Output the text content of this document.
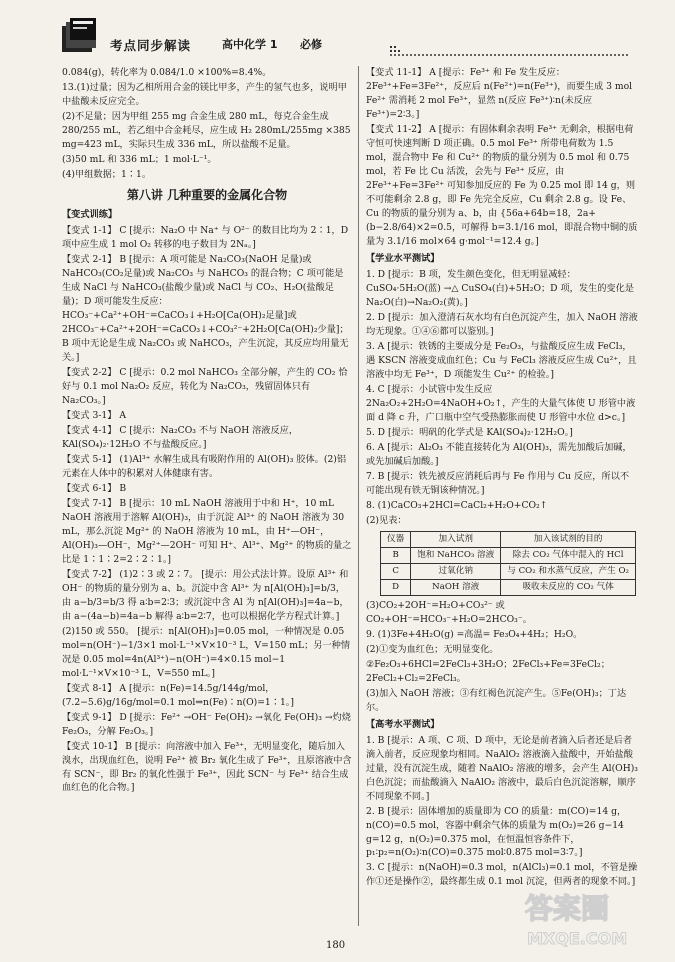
考点同步解读	高中化学 1 必修

0.084(g)，转化率为 0.084/1.0 ×100%=8.4%。

13.(1)过量；因为乙相所用合金的镁比甲多，产生的氢气也多，说明甲中盐酸未反应完全。

(2)不足量；因为甲组 255 mg 合金生成 280 mL，每克合金生成 280/255 mL，若乙组中合金耗尽，应生成 H₂ 280mL/255mg ×385 mg=423 mL，实际只生成 336 mL，所以盐酸不足量。

(3)50 mL 和 336 mL；1 mol·L⁻¹。

(4)甲组数据；1∶1。

第八讲 几种重要的金属化合物
【变式训练】

【变式 1-1】 C [提示：Na₂O 中 Na⁺ 与 O²⁻ 的数目比均为 2∶1，D项中应生成 1 mol O₂ 转移的电子数目为 2Nₐ。]

【变式 2-1】 B [提示：A 项可能是 Na₂CO₃(NaOH 足量)或 NaHCO₃(CO₂足量)或 Na₂CO₃ 与 NaHCO₃ 的混合物；C 项可能是生成 NaCl 与 NaHCO₃(盐酸少量)或 NaCl 与 CO₂、H₂O(盐酸足量)；D 项可能发生反应：HCO₃⁻+Ca²⁺+OH⁻=CaCO₃↓+H₂O[Ca(OH)₂足量]或 2HCO₃⁻+Ca²⁺+2OH⁻=CaCO₃↓+CO₃²⁻+2H₂O[Ca(OH)₂少量]；B 项中无论是生成 Na₂CO₃ 或 NaHCO₃，产生沉淀，其反应均用量无关。]

【变式 2-2】 C [提示：0.2 mol NaHCO₃ 全部分解，产生的 CO₂ 恰好与 0.1 mol Na₂O₂ 反应，转化为 Na₂CO₃，残留固体只有 Na₂CO₃。]

【变式 3-1】 A

【变式 4-1】 C [提示：Na₂CO₃ 不与 NaOH 溶液反应，KAl(SO₄)₂·12H₂O 不与盐酸反应。]

【变式 5-1】 (1)Al³⁺ 水解生成具有吸附作用的 Al(OH)₃ 胶体。(2)铝元素在人体中的积累对人体健康有害。

【变式 6-1】 B

【变式 7-1】 B [提示：10 mL NaOH 溶液用于中和 H⁺，10 mL NaOH 溶液用于溶解 Al(OH)₃，由于沉淀 Al³⁺ 的 NaOH 溶液为 30 mL，那么沉淀 Mg²⁺ 的 NaOH 溶液为 10 mL，由 H⁺—OH⁻，Al(OH)₃—OH⁻，Mg²⁺—2OH⁻ 可知 H⁺、Al³⁺、Mg²⁺ 的物质的量之比是 1∶1∶2=2∶2∶1。]

【变式 7-2】 (1)2∶3 或 2∶7。 [提示：用公式法计算。设原 Al³⁺ 和 OH⁻ 的物质的量分别为 a、b。沉淀中含 Al³⁺ 为 n[Al(OH)₃]=b/3，由 a−b/3=b/3 得 a∶b=2∶3；或沉淀中含 Al 为 n[Al(OH)₃]=4a−b，由 a−(4a−b)=4a−b 解得 a∶b=2∶7，也可以根据化学方程式计算。]

(2)150 或 550。 [提示：n[Al(OH)₃]=0.05 mol，一种情况是 0.05 mol=n(OH⁻)−1/3×1 mol·L⁻¹×V×10⁻³ L，V=150 mL；另一种情况是 0.05 mol=4n(Al³⁺)−n(OH⁻)=4×0.15 mol−1 mol·L⁻¹×V×10⁻³ L，V=550 mL。]

【变式 8-1】 A [提示：n(Fe)=14.5g/144g/mol，(7.2−5.6)g/16g/mol=0.1 mol⇒n(Fe)∶n(O)=1∶1。]

【变式 9-1】 D [提示：Fe²⁺ →OH⁻ Fe(OH)₂ →氧化 Fe(OH)₃ →灼烧 Fe₂O₃，分解 Fe₂O₃。]

【变式 10-1】 B [提示：向溶液中加入 Fe³⁺，无明显变化，随后加入溴水，出现血红色，说明 Fe²⁺ 被 Br₂ 氧化生成了 Fe³⁺，且原溶液中含有 SCN⁻，即 Br₂ 的氧化性强于 Fe³⁺，因此 SCN⁻ 与 Fe³⁺ 结合生成血红色的化合物。]

【变式 11-1】 A [提示：Fe³⁺ 和 Fe 发生反应：2Fe³⁺+Fe=3Fe²⁺，反应后 n(Fe²⁺)=n(Fe³⁺)，而要生成 3 mol Fe²⁺ 需消耗 2 mol Fe³⁺，显然 n(反应 Fe³⁺)∶n(未反应 Fe³⁺)=2∶3。]

【变式 11-2】 A [提示：有固体剩余表明 Fe³⁺ 无剩余，根据电荷守恒可快速判断 D 项正确。0.5 mol Fe³⁺ 所带电荷数为 1.5 mol，混合物中 Fe 和 Cu²⁺ 的物质的量分别为 0.5 mol 和 0.75 mol，若 Fe 比 Cu 活泼，会先与 Fe³⁺ 反应，由 2Fe³⁺+Fe=3Fe²⁺ 可知参加反应的 Fe 为 0.25 mol 即 14 g，则不可能剩余 2.8 g，即 Fe 先完全反应，Cu 剩余 2.8 g。设 Fe、Cu 的物质的量分别为 a、b，由 {56a+64b=18，2a+(b−2.8/64)×2=0.5，可解得 b=3.1/16 mol，即混合物中铜的质量为 3.1/16 mol×64 g·mol⁻¹=12.4 g。]

【学业水平测试】

1. D [提示：B 项，发生颜色变化，但无明显减轻：CuSO₄·5H₂O(蓝) →△ CuSO₄(白)+5H₂O；D 项，发生的变化是 Na₂O(白)→Na₂O₂(黄)。]

2. D [提示：加入澄清石灰水均有白色沉淀产生，加入 NaOH 溶液均无现象。①④⑥都可以鉴别。]

3. A [提示：铁锈的主要成分是 Fe₂O₃，与盐酸反应生成 FeCl₃，遇 KSCN 溶液变成血红色；Cu 与 FeCl₃ 溶液反应生成 Cu²⁺，且溶液中均无 Fe³⁺，D 项能发生 Cu²⁺ 的检验。]

4. C [提示：小试管中发生反应 2Na₂O₂+2H₂O=4NaOH+O₂↑，产生的大量气体使 U 形管中液面 d 降 c 升，广口瓶中空气受热膨胀而使 U 形管中水位 d>c。]

5. D [提示：明矾的化学式是 KAl(SO₄)₂·12H₂O。]

6. A [提示：Al₂O₃ 不能直接转化为 Al(OH)₃，需先加酸后加碱，或先加碱后加酸。]

7. B [提示：铁先被反应消耗后再与 Fe 作用与 Cu 反应，所以不可能出现有铁无铜该种情况。]

8. (1)CaCO₃+2HCl=CaCl₂+H₂O+CO₂↑

(2)见表：

仪器	加入试剂	加入该试剂的目的
B	饱和 NaHCO₃ 溶液	除去 CO₂ 气体中混入的 HCl
C	过氧化钠	与 CO₂ 和水蒸气反应，产生 O₂
D	NaOH 溶液	吸收未反应的 CO₂ 气体

(3)CO₂+2OH⁻=H₂O+CO₃²⁻ 或 CO₂+OH⁻=HCO₃⁻+H₂O=2HCO₃⁻。

9. (1)3Fe+4H₂O(g) =高温= Fe₃O₄+4H₂；H₂O。

(2)①变为血红色；无明显变化。

②Fe₂O₃+6HCl=2FeCl₃+3H₂O；2FeCl₃+Fe=3FeCl₂；2FeCl₂+Cl₂=2FeCl₃。

(3)加入 NaOH 溶液；③有红褐色沉淀产生。⑤Fe(OH)₃；丁达尔。

【高考水平测试】

1. B [提示：A 项、C 项、D 项中，无论是前者滴入后者还是后者滴入前者，反应现象均相同。NaAlO₂ 溶液滴入盐酸中，开始盐酸过量，没有沉淀生成，随着 NaAlO₂ 溶液的增多，会产生 Al(OH)₃ 白色沉淀；而盐酸滴入 NaAlO₂ 溶液中，最后白色沉淀溶解，顺序不同现象不同。]

2. B [提示：固体增加的质量即为 CO 的质量：m(CO)=14 g，n(CO)=0.5 mol，容器中剩余气体的质量为 m(O₂)=26 g−14 g=12 g，n(O₂)=0.375 mol，在恒温恒容条件下，p₁∶p₂=n(O₂)∶n(CO)=0.375 mol∶0.875 mol=3∶7。]

3. C [提示：n(NaOH)=0.3 mol，n(AlCl₃)=0.1 mol，不管是操作①还是操作②，最终都生成 0.1 mol 沉淀，但两者的现象不同。]

180
答案圈
MXQE.COM
